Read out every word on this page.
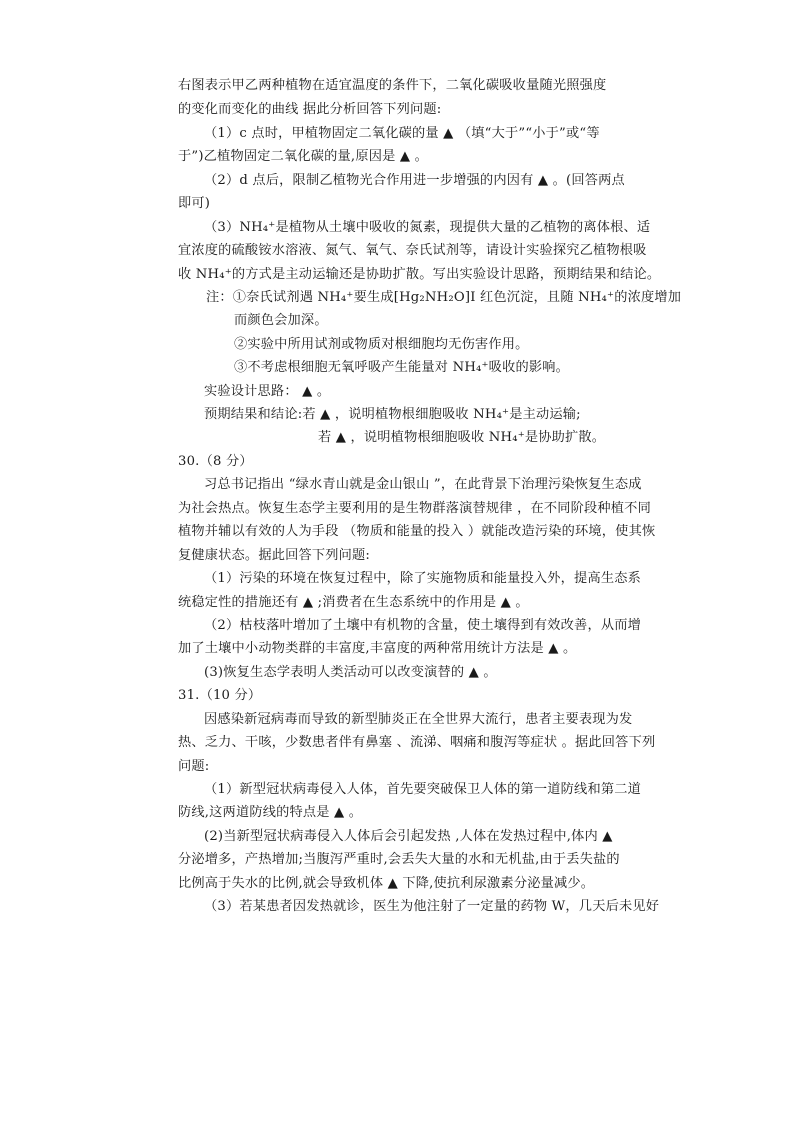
右图表示甲乙两种植物在适宜温度的条件下，二氧化碳吸收量随光照强度
的变化而变化的曲线 据此分析回答下列问题:
（1）c 点时，甲植物固定二氧化碳的量 ▲ （填“大于”“小于”或“等
于”)乙植物固定二氧化碳的量,原因是 ▲ 。
（2）d 点后，限制乙植物光合作用进一步增强的内因有 ▲ 。(回答两点
即可)
（3）NH₄⁺是植物从土壤中吸收的氮素，现提供大量的乙植物的离体根、适
宜浓度的硫酸铵水溶液、氮气、氧气、奈氏试剂等，请设计实验探究乙植物根吸
收 NH₄⁺的方式是主动运输还是协助扩散。写出实验设计思路，预期结果和结论。
注：①奈氏试剂遇 NH₄⁺要生成[Hg₂NH₂O]I 红色沉淀，且随 NH₄⁺的浓度增加
而颜色会加深。
②实验中所用试剂或物质对根细胞均无伤害作用。
③不考虑根细胞无氧呼吸产生能量对 NH₄⁺吸收的影响。
实验设计思路： ▲ 。
预期结果和结论:若 ▲ ，说明植物根细胞吸收 NH₄⁺是主动运输;
若 ▲ ，说明植物根细胞吸收 NH₄⁺是协助扩散。
30.（8 分）
习总书记指出 “绿水青山就是金山银山 ”，在此背景下治理污染恢复生态成
为社会热点。恢复生态学主要利用的是生物群落演替规律 ，在不同阶段种植不同
植物并辅以有效的人为手段 （物质和能量的投入 ）就能改造污染的环境，使其恢
复健康状态。据此回答下列问题:
（1）污染的环境在恢复过程中，除了实施物质和能量投入外，提高生态系
统稳定性的措施还有 ▲ ;消费者在生态系统中的作用是 ▲ 。
（2）枯枝落叶增加了土壤中有机物的含量，使土壤得到有效改善，从而增
加了土壤中小动物类群的丰富度,丰富度的两种常用统计方法是 ▲ 。
(3)恢复生态学表明人类活动可以改变演替的 ▲ 。
31.（10 分）
因感染新冠病毒而导致的新型肺炎正在全世界大流行，患者主要表现为发
热、乏力、干咳，少数患者伴有鼻塞 、流涕、咽痛和腹泻等症状 。据此回答下列
问题:
（1）新型冠状病毒侵入人体，首先要突破保卫人体的第一道防线和第二道
防线,这两道防线的特点是 ▲ 。
(2)当新型冠状病毒侵入人体后会引起发热 ,人体在发热过程中,体内 ▲
分泌增多，产热增加;当腹泻严重时,会丢失大量的水和无机盐,由于丢失盐的
比例高于失水的比例,就会导致机体 ▲ 下降,使抗利尿激素分泌量减少。
（3）若某患者因发热就诊，医生为他注射了一定量的药物 W，几天后未见好
